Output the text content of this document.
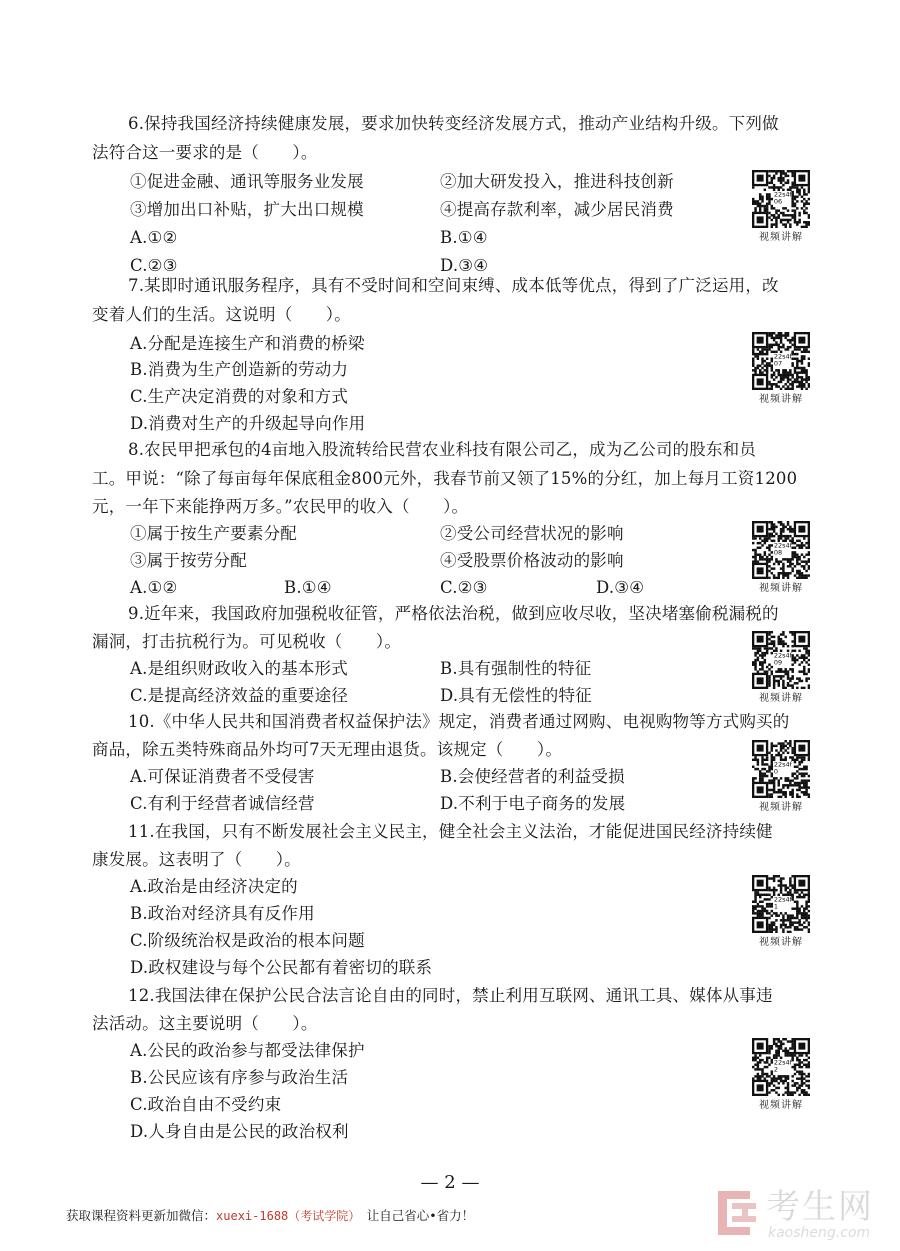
6.保持我国经济持续健康发展，要求加快转变经济发展方式，推动产业结构升级。下列做
法符合这一要求的是（　　）。
①促进金融、通讯等服务业发展	②加大研发投入，推进科技创新
③增加出口补贴，扩大出口规模	④提高存款利率，减少居民消费
A.①②	B.①④
C.②③	D.③④
22s4f
06
视频讲解
7.某即时通讯服务程序，具有不受时间和空间束缚、成本低等优点，得到了广泛运用，改
变着人们的生活。这说明（　　）。
A.分配是连接生产和消费的桥梁
B.消费为生产创造新的劳动力
C.生产决定消费的对象和方式
D.消费对生产的升级起导向作用
22s4f
07
视频讲解
8.农民甲把承包的4亩地入股流转给民营农业科技有限公司乙，成为乙公司的股东和员
工。甲说：“除了每亩每年保底租金800元外，我春节前又领了15%的分红，加上每月工资1200
元，一年下来能挣两万多。”农民甲的收入（　　）。
①属于按生产要素分配	②受公司经营状况的影响
③属于按劳分配	④受股票价格波动的影响
A.①②	B.①④	C.②③	D.③④
22s4f
08
视频讲解
9.近年来，我国政府加强税收征管，严格依法治税，做到应收尽收，坚决堵塞偷税漏税的
漏洞，打击抗税行为。可见税收（　　）。
A.是组织财政收入的基本形式	B.具有强制性的特征
C.是提高经济效益的重要途径	D.具有无偿性的特征
22s4f
09
视频讲解
10.《中华人民共和国消费者权益保护法》规定，消费者通过网购、电视购物等方式购买的
商品，除五类特殊商品外均可7天无理由退货。该规定（　　）。
A.可保证消费者不受侵害	B.会使经营者的利益受损
C.有利于经营者诚信经营	D.不利于电子商务的发展
22s4f
0
视频讲解
11.在我国，只有不断发展社会主义民主，健全社会主义法治，才能促进国民经济持续健
康发展。这表明了（　　）。
A.政治是由经济决定的
B.政治对经济具有反作用
C.阶级统治权是政治的根本问题
D.政权建设与每个公民都有着密切的联系
22s4f
1
视频讲解
12.我国法律在保护公民合法言论自由的同时，禁止利用互联网、通讯工具、媒体从事违
法活动。这主要说明（　　）。
A.公民的政治参与都受法律保护
B.公民应该有序参与政治生活
C.政治自由不受约束
D.人身自由是公民的政治权利
22s4f
2
视频讲解
— 2 —
获取课程资料更新加微信：xuexi-1688（考试学院）　让自己省心•省力！	考生网
kaosheng.com
